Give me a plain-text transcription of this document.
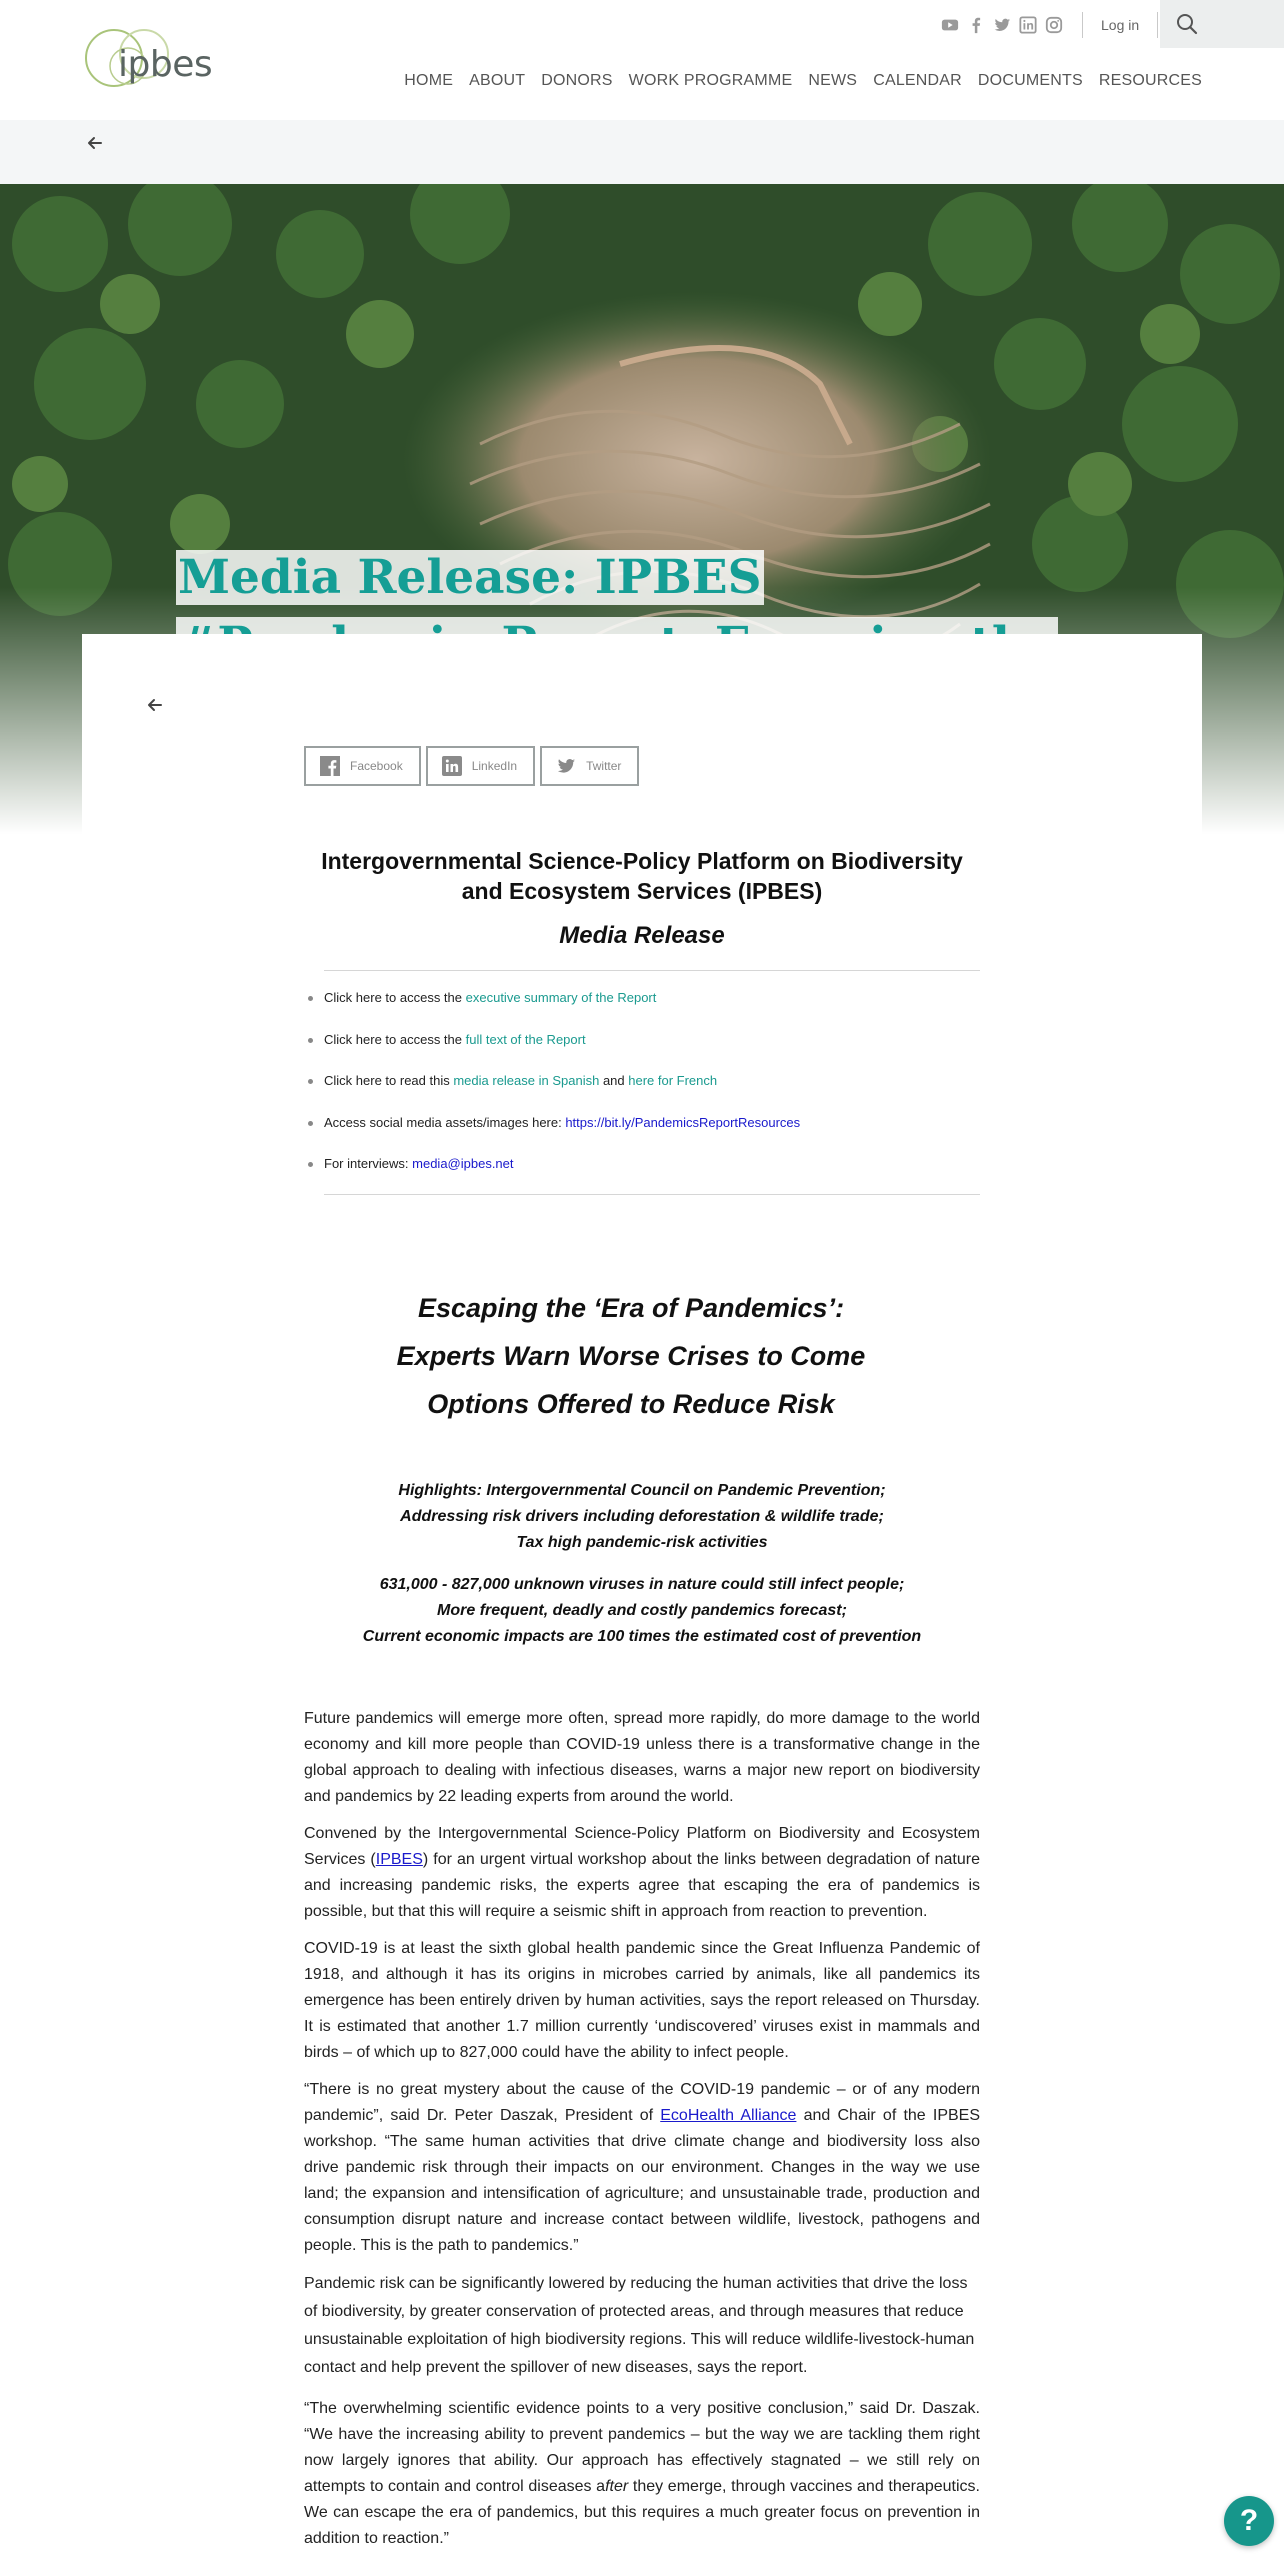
ipbes
Log in
HOME ABOUT DONORS WORK PROGRAMME NEWS CALENDAR DOCUMENTS RESOURCES
Media Release: IPBES
Facebook	LinkedIn	Twitter
Intergovernmental Science-Policy Platform on Biodiversity and Ecosystem Services (IPBES)
Media Release
Click here to access the executive summary of the Report
Click here to access the full text of the Report
Click here to read this media release in Spanish and here for French
Access social media assets/images here: https://bit.ly/PandemicsReportResources
For interviews: media@ipbes.net
Escaping the ‘Era of Pandemics’:
Experts Warn Worse Crises to Come
Options Offered to Reduce Risk

Highlights: Intergovernmental Council on Pandemic Prevention;
Addressing risk drivers including deforestation & wildlife trade;
Tax high pandemic-risk activities

631,000 - 827,000 unknown viruses in nature could still infect people;
More frequent, deadly and costly pandemics forecast;
Current economic impacts are 100 times the estimated cost of prevention

Future pandemics will emerge more often, spread more rapidly, do more damage to the world economy and kill more people than COVID-19 unless there is a transformative change in the global approach to dealing with infectious diseases, warns a major new report on biodiversity and pandemics by 22 leading experts from around the world.

Convened by the Intergovernmental Science-Policy Platform on Biodiversity and Ecosystem Services (IPBES) for an urgent virtual workshop about the links between degradation of nature and increasing pandemic risks, the experts agree that escaping the era of pandemics is possible, but that this will require a seismic shift in approach from reaction to prevention.

COVID-19 is at least the sixth global health pandemic since the Great Influenza Pandemic of 1918, and although it has its origins in microbes carried by animals, like all pandemics its emergence has been entirely driven by human activities, says the report released on Thursday. It is estimated that another 1.7 million currently ‘undiscovered’ viruses exist in mammals and birds – of which up to 827,000 could have the ability to infect people.

“There is no great mystery about the cause of the COVID-19 pandemic – or of any modern pandemic”, said Dr. Peter Daszak, President of EcoHealth Alliance and Chair of the IPBES workshop. “The same human activities that drive climate change and biodiversity loss also drive pandemic risk through their impacts on our environment. Changes in the way we use land; the expansion and intensification of agriculture; and unsustainable trade, production and consumption disrupt nature and increase contact between wildlife, livestock, pathogens and people. This is the path to pandemics.”

Pandemic risk can be significantly lowered by reducing the human activities that drive the loss of biodiversity, by greater conservation of protected areas, and through measures that reduce unsustainable exploitation of high biodiversity regions. This will reduce wildlife-livestock-human contact and help prevent the spillover of new diseases, says the report.

“The overwhelming scientific evidence points to a very positive conclusion,” said Dr. Daszak. “We have the increasing ability to prevent pandemics – but the way we are tackling them right now largely ignores that ability. Our approach has effectively stagnated – we still rely on attempts to contain and control diseases after they emerge, through vaccines and therapeutics. We can escape the era of pandemics, but this requires a much greater focus on prevention in addition to reaction.”

?
